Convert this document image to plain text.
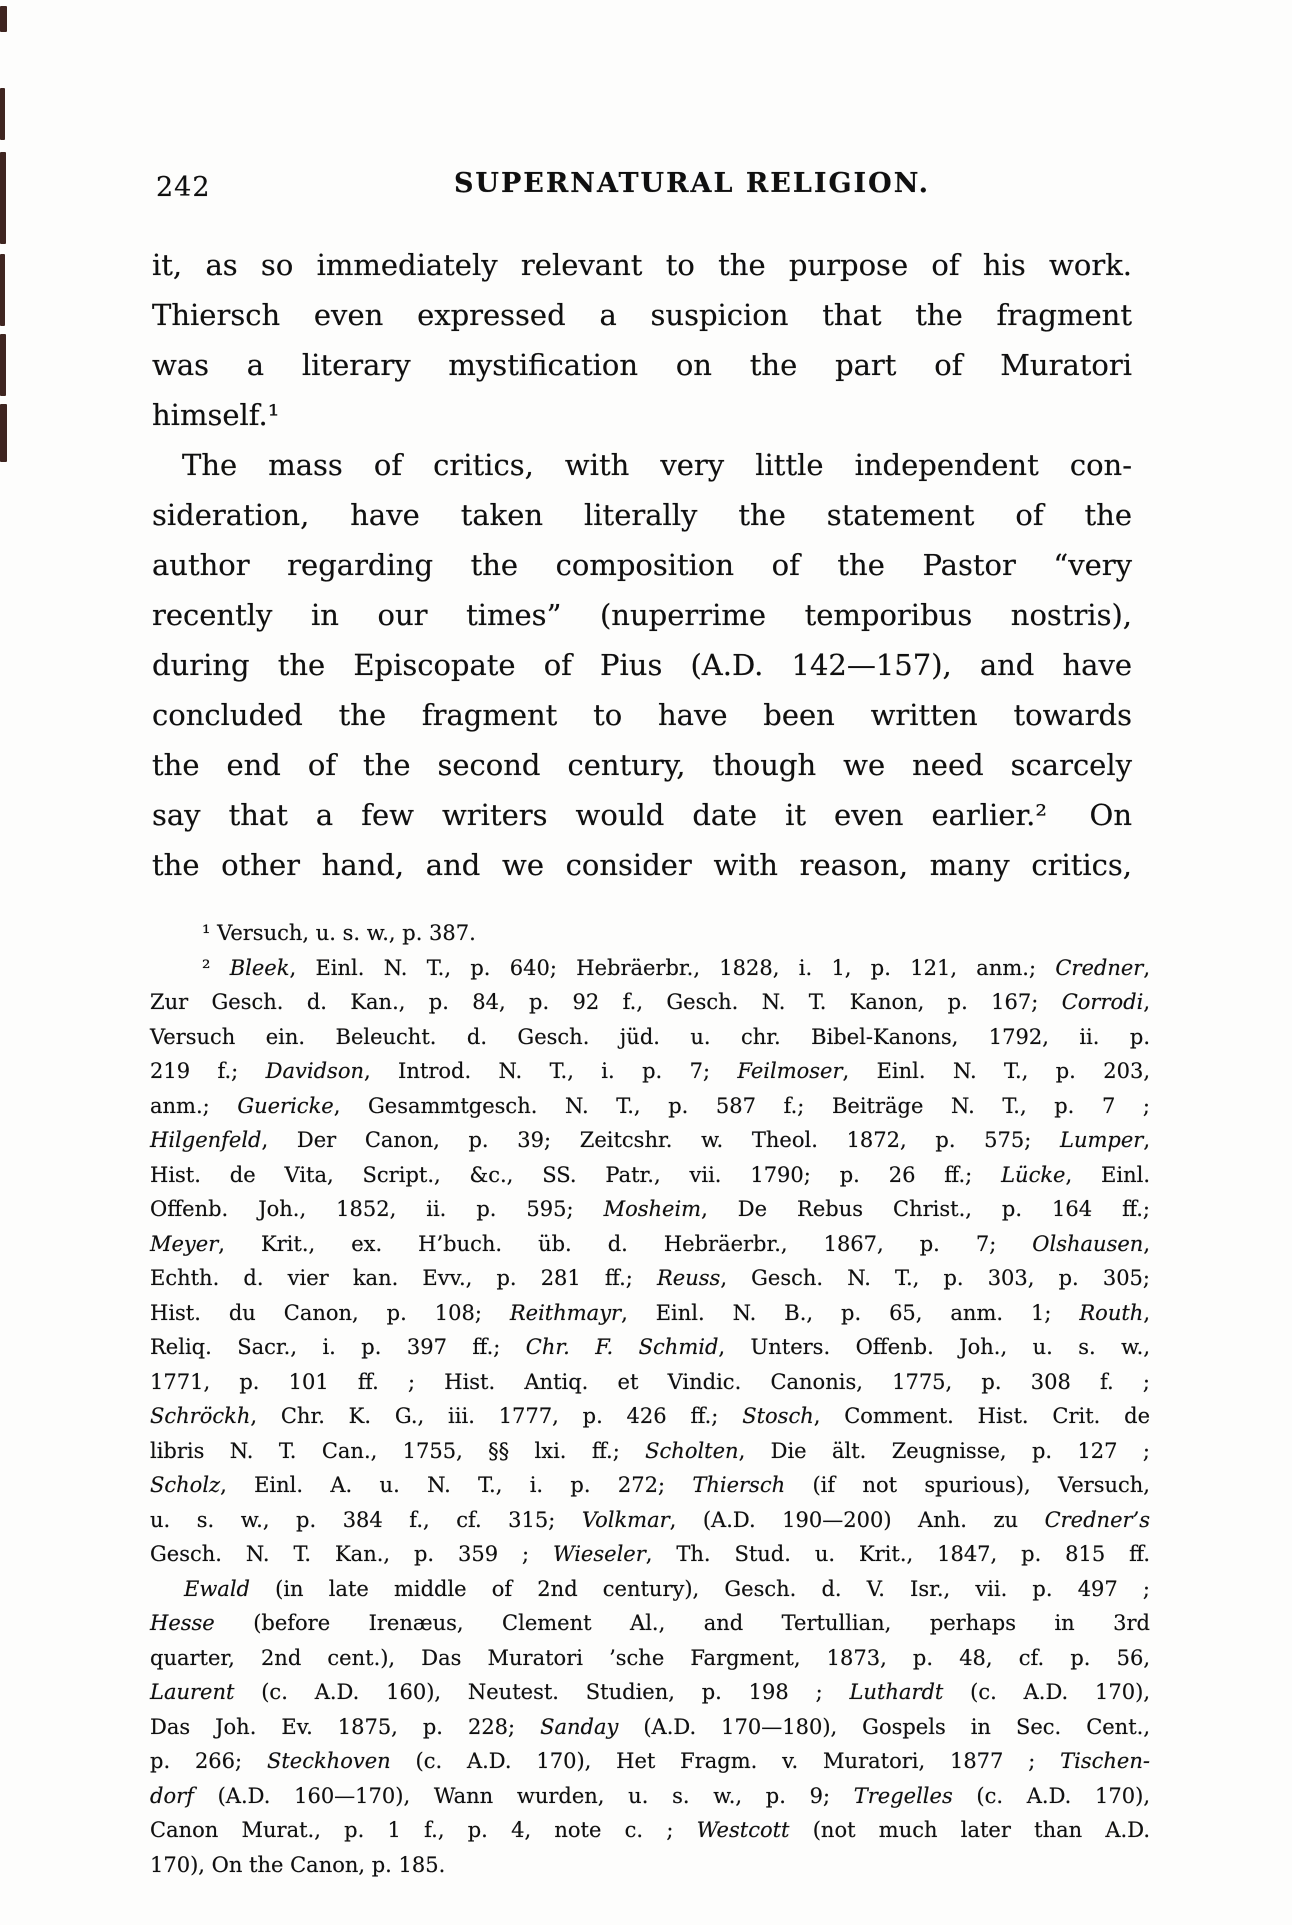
242	SUPERNATURAL RELIGION.
it, as so immediately relevant to the purpose of his work.
Thiersch even expressed a suspicion that the fragment
was a literary mystification on the part of Muratori
himself.¹
The mass of critics, with very little independent con-
sideration, have taken literally the statement of the
author regarding the composition of the Pastor “very
recently in our times” (nuperrime temporibus nostris),
during the Episcopate of Pius (A.D. 142—157), and have
concluded the fragment to have been written towards
the end of the second century, though we need scarcely
say that a few writers would date it even earlier.²  On
the other hand, and we consider with reason, many critics,
¹ Versuch, u. s. w., p. 387.
² Bleek, Einl. N. T., p. 640; Hebräerbr., 1828, i. 1, p. 121, anm.; Credner,
Zur Gesch. d. Kan., p. 84, p. 92 f., Gesch. N. T. Kanon, p. 167; Corrodi,
Versuch ein. Beleucht. d. Gesch. jüd. u. chr. Bibel-Kanons, 1792, ii. p.
219 f.; Davidson, Introd. N. T., i. p. 7; Feilmoser, Einl. N. T., p. 203,
anm.; Guericke, Gesammtgesch. N. T., p. 587 f.; Beiträge N. T., p. 7 ;
Hilgenfeld, Der Canon, p. 39; Zeitcshr. w. Theol. 1872, p. 575; Lumper,
Hist. de Vita, Script., &c., SS. Patr., vii. 1790; p. 26 ff.; Lücke, Einl.
Offenb. Joh., 1852, ii. p. 595; Mosheim, De Rebus Christ., p. 164 ff.;
Meyer, Krit., ex. H’buch. üb. d. Hebräerbr., 1867, p. 7; Olshausen,
Echth. d. vier kan. Evv., p. 281 ff.; Reuss, Gesch. N. T., p. 303, p. 305;
Hist. du Canon, p. 108; Reithmayr, Einl. N. B., p. 65, anm. 1; Routh,
Reliq. Sacr., i. p. 397 ff.; Chr. F. Schmid, Unters. Offenb. Joh., u. s. w.,
1771, p. 101 ff. ; Hist. Antiq. et Vindic. Canonis, 1775, p. 308 f. ;
Schröckh, Chr. K. G., iii. 1777, p. 426 ff.; Stosch, Comment. Hist. Crit. de
libris N. T. Can., 1755, §§ lxi. ff.; Scholten, Die ält. Zeugnisse, p. 127 ;
Scholz, Einl. A. u. N. T., i. p. 272; Thiersch (if not spurious), Versuch,
u. s. w., p. 384 f., cf. 315; Volkmar, (A.D. 190—200) Anh. zu Credner’s
Gesch. N. T. Kan., p. 359 ; Wieseler, Th. Stud. u. Krit., 1847, p. 815 ff.
Ewald (in late middle of 2nd century), Gesch. d. V. Isr., vii. p. 497 ;
Hesse (before Irenæus, Clement Al., and Tertullian, perhaps in 3rd
quarter, 2nd cent.), Das Muratori ’sche Fargment, 1873, p. 48, cf. p. 56,
Laurent (c. A.D. 160), Neutest. Studien, p. 198 ; Luthardt (c. A.D. 170),
Das Joh. Ev. 1875, p. 228; Sanday (A.D. 170—180), Gospels in Sec. Cent.,
p. 266; Steckhoven (c. A.D. 170), Het Fragm. v. Muratori, 1877 ; Tischen-
dorf (A.D. 160—170), Wann wurden, u. s. w., p. 9; Tregelles (c. A.D. 170),
Canon Murat., p. 1 f., p. 4, note c. ; Westcott (not much later than A.D.
170), On the Canon, p. 185.
